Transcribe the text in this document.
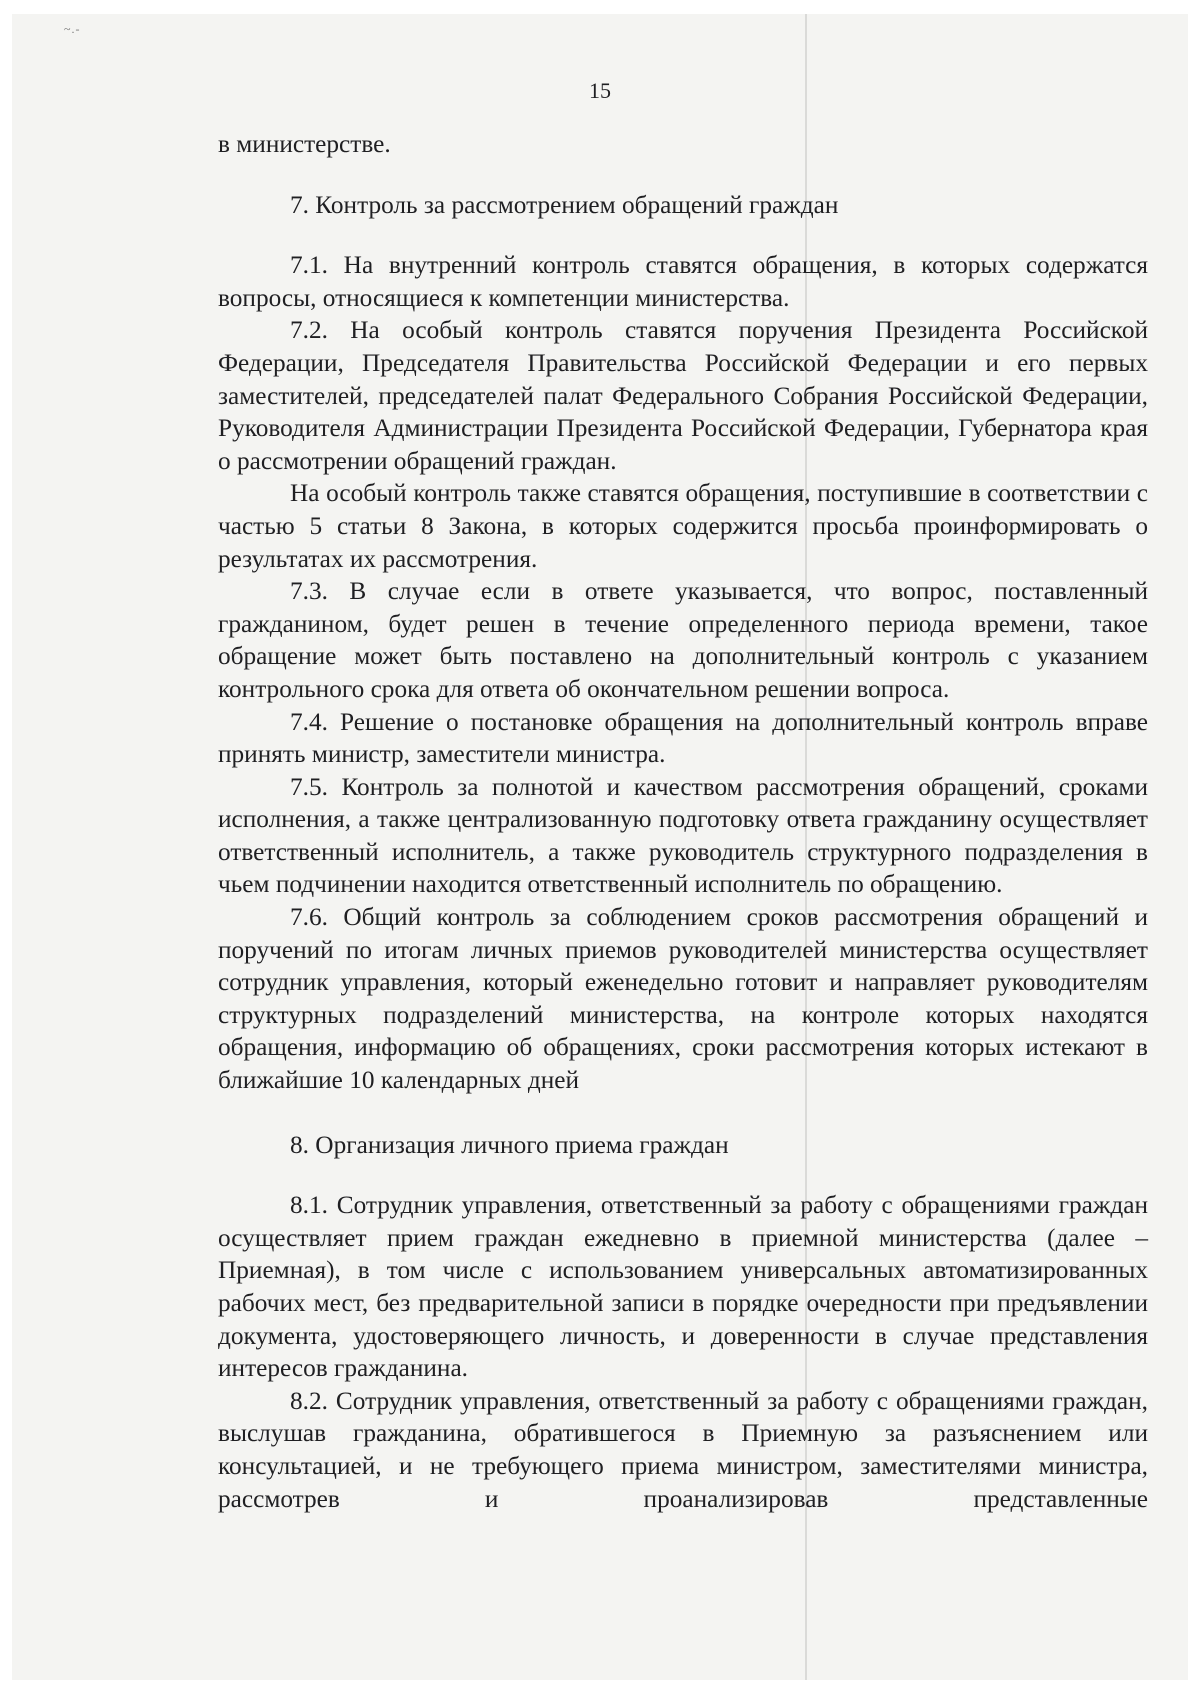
~.-
15

в министерстве.

7. Контроль за рассмотрением обращений граждан

7.1. На внутренний контроль ставятся обращения, в которых содержатся вопросы, относящиеся к компетенции министерства.

7.2. На особый контроль ставятся поручения Президента Российской Федерации, Председателя Правительства Российской Федерации и его первых заместителей, председателей палат Федерального Собрания Российской Федерации, Руководителя Администрации Президента Российской Федерации, Губернатора края о рассмотрении обращений граждан.

На особый контроль также ставятся обращения, поступившие в соответствии с частью 5 статьи 8 Закона, в которых содержится просьба проинформировать о результатах их рассмотрения.

7.3. В случае если в ответе указывается, что вопрос, поставленный гражданином, будет решен в течение определенного периода времени, такое обращение может быть поставлено на дополнительный контроль с указанием контрольного срока для ответа об окончательном решении вопроса.

7.4. Решение о постановке обращения на дополнительный контроль вправе принять министр, заместители министра.

7.5. Контроль за полнотой и качеством рассмотрения обращений, сроками исполнения, а также централизованную подготовку ответа гражданину осуществляет ответственный исполнитель, а также руководитель структурного подразделения в чьем подчинении находится ответственный исполнитель по обращению.

7.6. Общий контроль за соблюдением сроков рассмотрения обращений и поручений по итогам личных приемов руководителей министерства осуществляет сотрудник управления, который еженедельно готовит и направляет руководителям структурных подразделений министерства, на контроле которых находятся обращения, информацию об обращениях, сроки рассмотрения которых истекают в ближайшие 10 календарных дней

8. Организация личного приема граждан

8.1. Сотрудник управления, ответственный за работу с обращениями граждан осуществляет прием граждан ежедневно в приемной министерства (далее – Приемная), в том числе с использованием универсальных автоматизированных рабочих мест, без предварительной записи в порядке очередности при предъявлении документа, удостоверяющего личность, и доверенности в случае представления интересов гражданина.

8.2. Сотрудник управления, ответственный за работу с обращениями граждан, выслушав гражданина, обратившегося в Приемную за разъяснением или консультацией, и не требующего приема министром, заместителями министра, рассмотрев и проанализировав представленные
